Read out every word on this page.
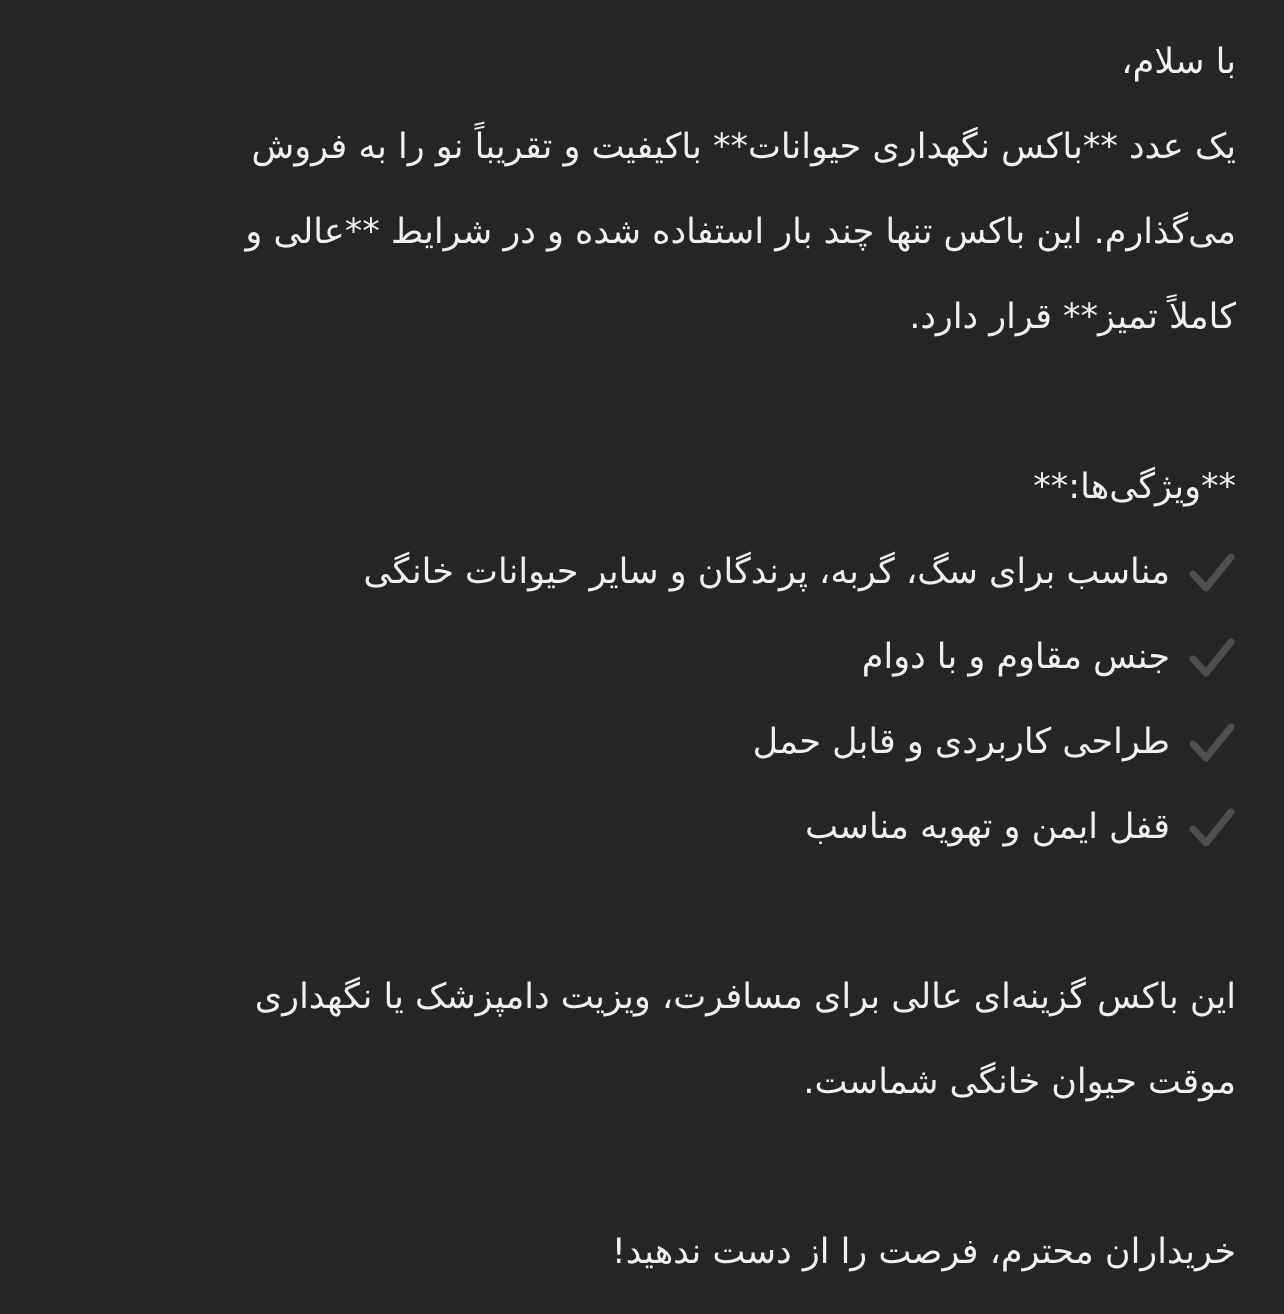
با سلام،

یک عدد **باکس نگهداری حیوانات** باکیفیت و تقریباً نو را به فروش

می‌گذارم. این باکس تنها چند بار استفاده شده و در شرایط **عالی و

کاملاً تمیز** قرار دارد.

**ویژگی‌ها:**

مناسب برای سگ، گربه، پرندگان و سایر حیوانات خانگی
جنس مقاوم و با دوام
طراحی کاربردی و قابل حمل
قفل ایمن و تهویه مناسب

این باکس گزینه‌ای عالی برای مسافرت، ویزیت دامپزشک یا نگهداری

موقت حیوان خانگی شماست.

خریداران محترم، فرصت را از دست ندهید!
